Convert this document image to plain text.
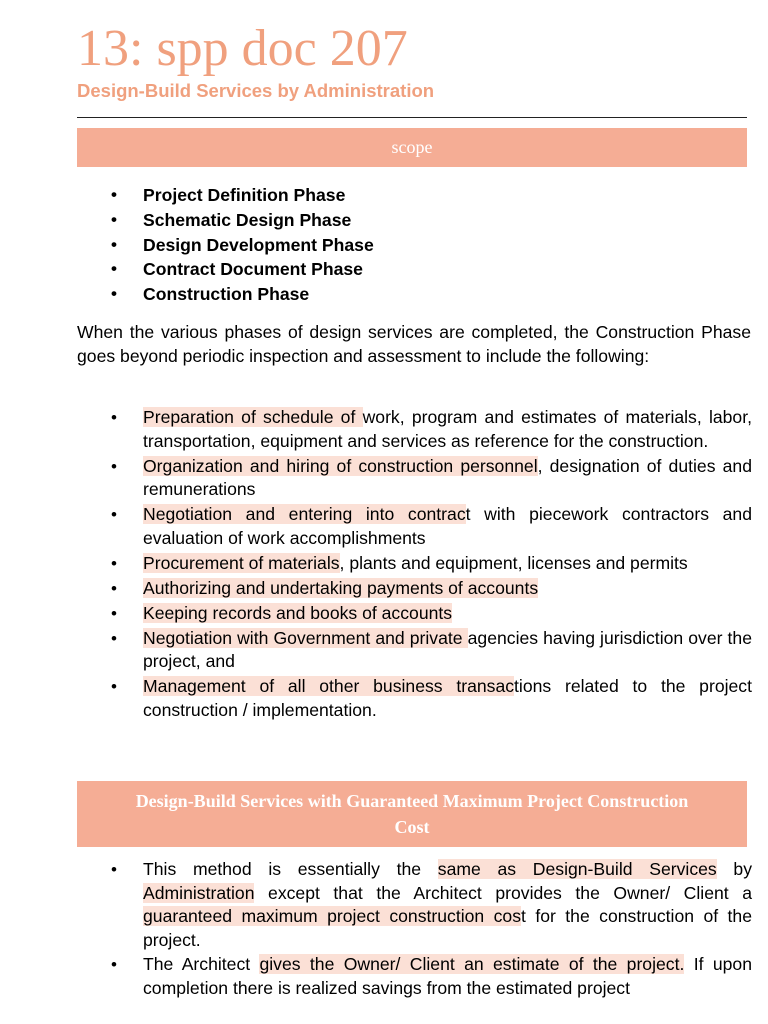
13: spp doc 207
Design-Build Services by Administration
scope
• Project Definition Phase
• Schematic Design Phase
• Design Development Phase
• Contract Document Phase
• Construction Phase
When the various phases of design services are completed, the Construction Phase goes beyond periodic inspection and assessment to include the following:
• Preparation of schedule of work, program and estimates of materials, labor, transportation, equipment and services as reference for the construction.
• Organization and hiring of construction personnel, designation of duties and remunerations
• Negotiation and entering into contract with piecework contractors and evaluation of work accomplishments
• Procurement of materials, plants and equipment, licenses and permits
• Authorizing and undertaking payments of accounts
• Keeping records and books of accounts
• Negotiation with Government and private agencies having jurisdiction over the project, and
• Management of all other business transactions related to the project construction / implementation.
Design-Build Services with Guaranteed Maximum Project Construction Cost
• This method is essentially the same as Design-Build Services by Administration except that the Architect provides the Owner/ Client a guaranteed maximum project construction cost for the construction of the project.
• The Architect gives the Owner/ Client an estimate of the project. If upon completion there is realized savings from the estimated project
